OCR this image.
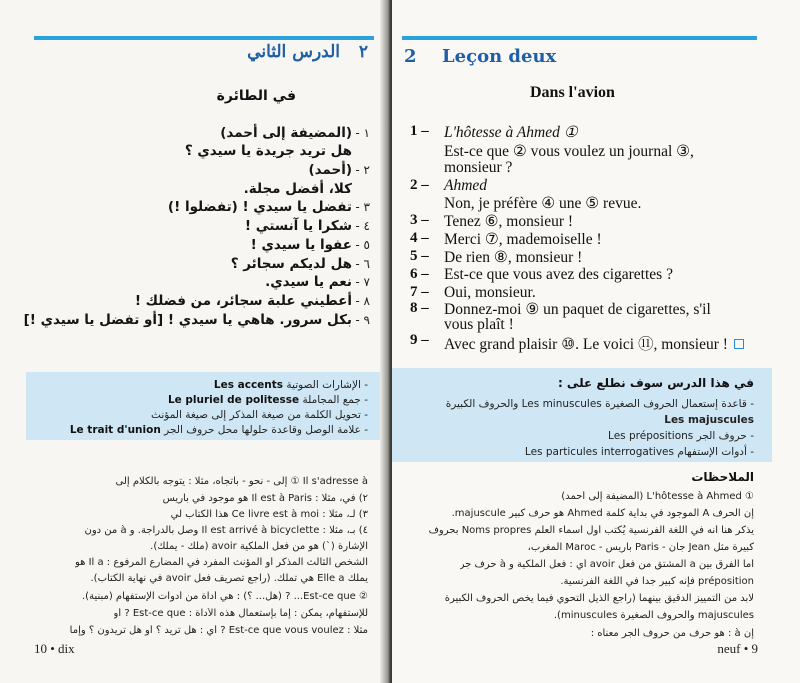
٢
الدرس الثاني
في الطائرة
(المضيفة إلى أحمد) ١ -
هل تريد جريدة يا سيدي ؟
(أحمد) ٢ -
كلا، أفضل مجلة.
تفضل يا سيدي ! (تفضلوا !) ٣ -
شكرا يا آنستي ! ٤ -
عفوا يا سيدي ! ٥ -
هل لديكم سجائر ؟ ٦ -
نعم يا سيدي. ٧ -
أعطيني علبة سجائر، من فضلك ! ٨ -
بكل سرور. هاهي يا سيدي ! [أو تفضل يا سيدي !] ٩ -
- الإشارات الصوتية Les accents
- جمع المجاملة Le pluriel de politesse
- تحويل الكلمة من صيغة المذكر إلى صيغة المؤنث
- علامة الوصل وقاعدة حلولها محل حروف الجر Le trait d'union
Il s'adresse à ① إلى - نحو - باتجاه، مثلا : يتوجه بالكلام إلى
٢) في، مثلا : Il est à Paris هو موجود في باريس
٣) لـ، مثلا : Ce livre est à moi هذا الكتاب لي
٤) بـ، مثلا : Il est arrivé à bicyclette وصل بالدراجة. و à من دون
الإشارة (`) هو من فعل الملكية avoir (ملك - يملك).
الشخص الثالث المذكر أو المؤنث المفرد في المضارع المرفوع : Il a هو
يملك Elle a هي تملك. (راجع تصريف فعل avoir في نهاية الكتاب).
② Est-ce que... ? (هل... ؟) : هي أداة من أدوات الإستفهام (مبنية).
للإستفهام، يمكن : إما بإستعمال هذه الأداة : Est-ce que ? أو
مثلا : Est-ce que vous voulez ? أي : هل تريد ؟ أو هل تريدون ؟ وإما
10 • dix
2 Leçon deux
Dans l'avion
1 – L'hôtesse à Ahmed ①
Est-ce que ② vous voulez un journal ③,
monsieur ?
2 – Ahmed
Non, je préfère ④ une ⑤ revue.
3 – Tenez ⑥, monsieur !
4 – Merci ⑦, mademoiselle !
5 – De rien ⑧, monsieur !
6 – Est-ce que vous avez des cigarettes ?
7 – Oui, monsieur.
8 – Donnez-moi ⑨ un paquet de cigarettes, s'il
vous plaît !
9 – Avec grand plaisir ⑩. Le voici ⑪, monsieur !
في هذا الدرس سوف نطلع على :
- قاعدة إستعمال الحروف الصغيرة Les minuscules والحروف الكبيرة
Les majuscules
- حروف الجر Les prépositions
- أدوات الإستفهام Les particules interrogatives
الملاحظات
① L'hôtesse à Ahmed (المضيفة إلى أحمد)
إن الحرف A الموجود في بداية كلمة Ahmed هو حرف كبير majuscule.
يذكر هنا أنه في اللغة الفرنسية يُكتب أول أسماء العلم Noms propres بحروف
كبيرة مثل Jean جان - Paris باريس - Maroc المغرب،
أما الفرق بين a المشتق من فعل avoir أي : فعل الملكية و à حرف جر
préposition فإنه كبير جدا في اللغة الفرنسية.
لابد من التمييز الدقيق بينهما (راجع الذيل التحوي فيما يخص الحروف الكبيرة
majuscules والحروف الصغيرة minuscules).
إن à : هو حرف من حروف الجر معناه :
neuf • 9
